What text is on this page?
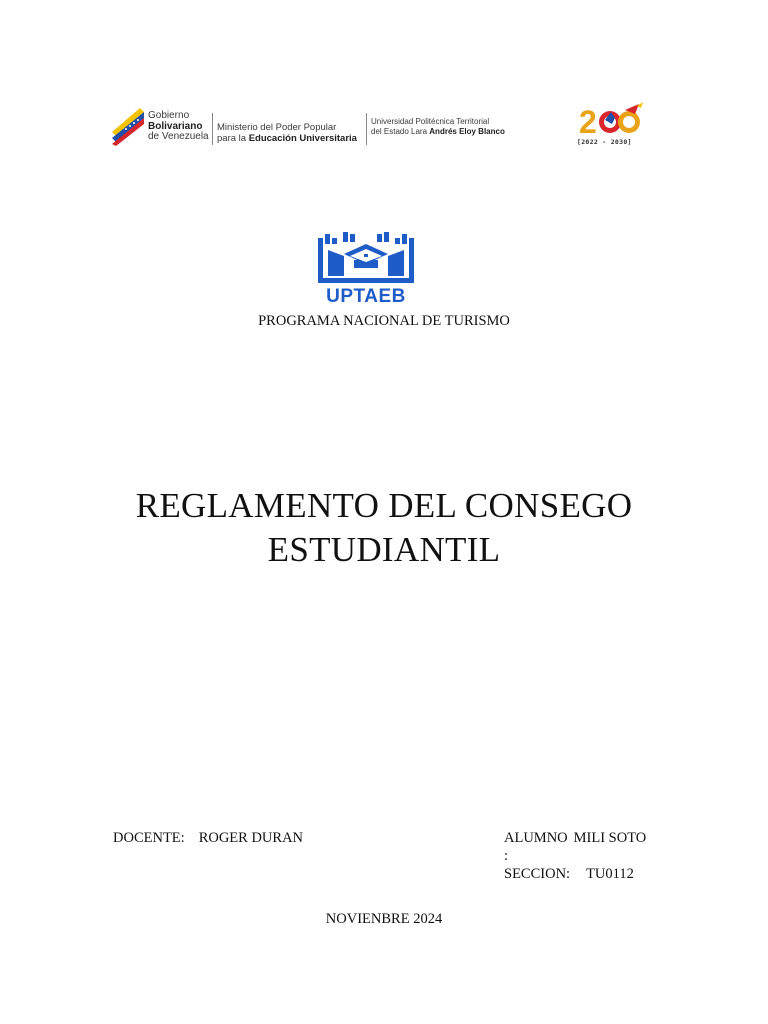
Gobierno
Bolivariano
de Venezuela
Ministerio del Poder Popular
para la Educación Universitaria
Universidad Politécnica Territorial
del Estado Lara Andrés Eloy Blanco 2
[2022 - 2030]
UPTAEB
PROGRAMA NACIONAL DE TURISMO
REGLAMENTO DEL CONSEGO
ESTUDIANTIL
DOCENTE: ROGER DURAN	ALUMNO MILI SOTO
:
SECCION: TU0112
NOVIENBRE 2024
